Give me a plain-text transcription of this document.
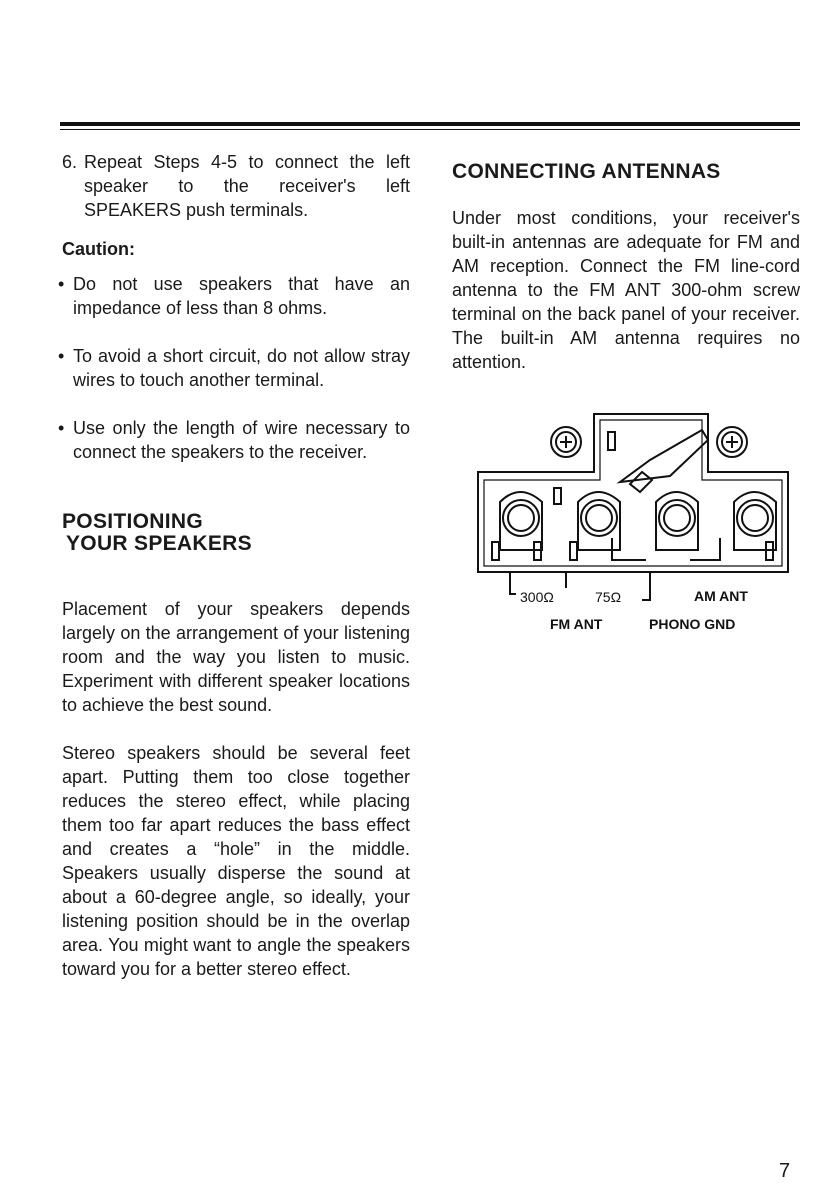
6. Repeat Steps 4-5 to connect the left speaker to the receiver's left SPEAKERS push terminals.
Caution:
• Do not use speakers that have an impedance of less than 8 ohms.
• To avoid a short circuit, do not allow stray wires to touch another terminal.
• Use only the length of wire necessary to connect the speakers to the receiver.
POSITIONING
YOUR SPEAKERS

Placement of your speakers depends largely on the arrangement of your listening room and the way you listen to music. Experiment with different speaker locations to achieve the best sound.

Stereo speakers should be several feet apart. Putting them too close together reduces the stereo effect, while placing them too far apart reduces the bass effect and creates a “hole” in the middle. Speakers usually disperse the sound at about a 60-degree angle, so ideally, your listening position should be in the overlap area. You might want to angle the speakers toward you for a better stereo effect.

CONNECTING ANTENNAS

Under most conditions, your receiver's built-in antennas are adequate for FM and AM reception. Connect the FM line-cord antenna to the FM ANT 300-ohm screw terminal on the back panel of your receiver. The built-in AM antenna requires no attention.

300Ω	75Ω	AM ANT
FM ANT	PHONO GND
7
